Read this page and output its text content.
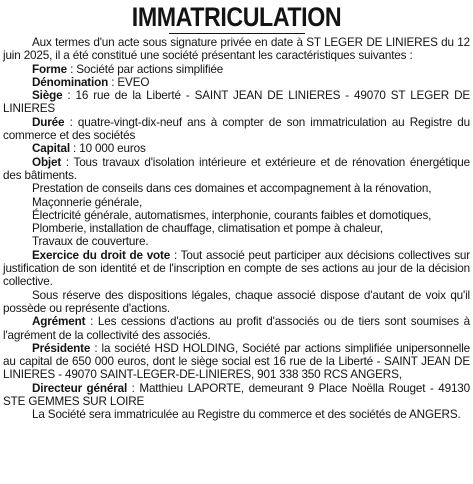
IMMATRICULATION

Aux termes d'un acte sous signature privée en date à ST LEGER DE LINIERES du 12 juin 2025, il a été constitué une société présentant les caractéristiques suivantes :

Forme : Société par actions simplifiée

Dénomination : EVEO

Siège : 16 rue de la Liberté - SAINT JEAN DE LINIERES - 49070 ST LEGER DE LINIERES

Durée : quatre-vingt-dix-neuf ans à compter de son immatriculation au Registre du commerce et des sociétés

Capital : 10 000 euros

Objet : Tous travaux d'isolation intérieure et extérieure et de rénovation énergétique des bâtiments.

Prestation de conseils dans ces domaines et accompagnement à la rénovation,

Maçonnerie générale,

Électricité générale, automatismes, interphonie, courants faibles et domotiques,

Plomberie, installation de chauffage, climatisation et pompe à chaleur,

Travaux de couverture.

Exercice du droit de vote : Tout associé peut participer aux décisions collectives sur justification de son identité et de l'inscription en compte de ses actions au jour de la décision collective.

Sous réserve des dispositions légales, chaque associé dispose d'autant de voix qu'il possède ou représente d'actions.

Agrément : Les cessions d'actions au profit d'associés ou de tiers sont soumises à l'agrément de la collectivité des associés.

Présidente : la société HSD HOLDING, Société par actions simplifiée unipersonnelle au capital de 650 000 euros, dont le siège social est 16 rue de la Liberté - SAINT JEAN DE LINIERES - 49070 SAINT-LEGER-DE-LINIERES, 901 338 350 RCS ANGERS,

Directeur général : Matthieu LAPORTE, demeurant 9 Place Noëlla Rouget - 49130 STE GEMMES SUR LOIRE

La Société sera immatriculée au Registre du commerce et des sociétés de ANGERS.
